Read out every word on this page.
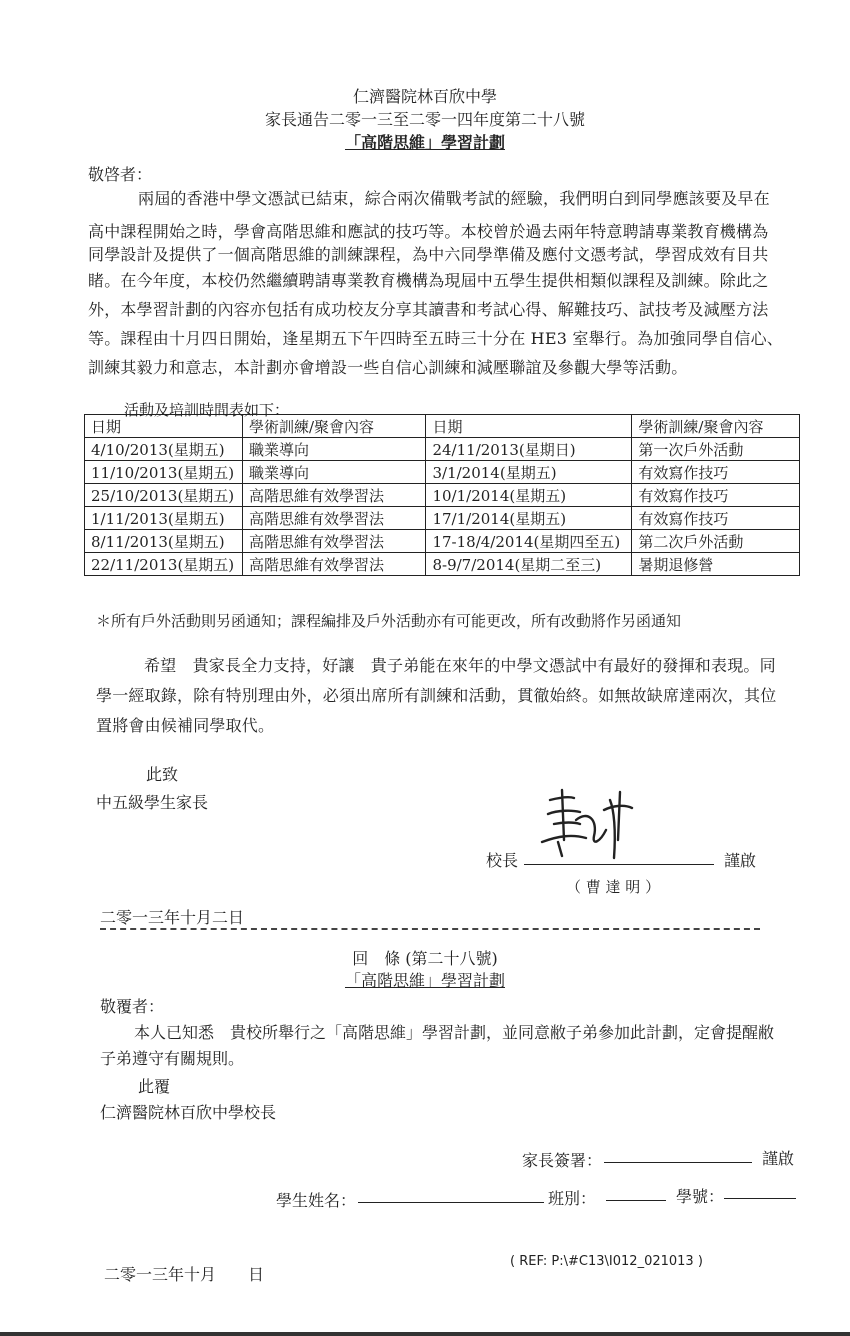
仁濟醫院林百欣中學
家長通告二零一三至二零一四年度第二十八號
「高階思維」學習計劃
敬啓者：
兩屆的香港中學文憑試已結束，綜合兩次備戰考試的經驗，我們明白到同學應該要及早在
高中課程開始之時，學會高階思維和應試的技巧等。本校曾於過去兩年特意聘請專業教育機構為
同學設計及提供了一個高階思維的訓練課程，為中六同學準備及應付文憑考試，學習成效有目共
睹。在今年度，本校仍然繼續聘請專業教育機構為現屆中五學生提供相類似課程及訓練。除此之
外，本學習計劃的內容亦包括有成功校友分享其讀書和考試心得、解難技巧、試技考及減壓方法
等。課程由十月四日開始，逢星期五下午四時至五時三十分在 HE3 室舉行。為加強同學自信心、
訓練其毅力和意志，本計劃亦會增設一些自信心訓練和減壓聯誼及參觀大學等活動。
活動及培訓時間表如下：
日期	學術訓練/聚會內容	日期	學術訓練/聚會內容
4/10/2013(星期五)	職業導向	24/11/2013(星期日)	第一次戶外活動
11/10/2013(星期五)	職業導向	3/1/2014(星期五)	有效寫作技巧
25/10/2013(星期五)	高階思維有效學習法	10/1/2014(星期五)	有效寫作技巧
1/11/2013(星期五)	高階思維有效學習法	17/1/2014(星期五)	有效寫作技巧
8/11/2013(星期五)	高階思維有效學習法	17-18/4/2014(星期四至五)	第二次戶外活動
22/11/2013(星期五)	高階思維有效學習法	8-9/7/2014(星期二至三)	暑期退修營
＊所有戶外活動則另函通知；課程編排及戶外活動亦有可能更改，所有改動將作另函通知
希望　貴家長全力支持，好讓　貴子弟能在來年的中學文憑試中有最好的發揮和表現。同
學一經取錄，除有特別理由外，必須出席所有訓練和活動，貫徹始終。如無故缺席達兩次，其位
置將會由候補同學取代。
此致
中五級學生家長
校長	謹啟
（ 曹 達 明 ）
二零一三年十月二日
回　條 (第二十八號)
「高階思維」學習計劃
敬覆者：
本人已知悉　貴校所舉行之「高階思維」學習計劃，並同意敝子弟參加此計劃，定會提醒敝
子弟遵守有關規則。
此覆
仁濟醫院林百欣中學校長
家長簽署：	謹啟
學生姓名：	班別：	學號：
二零一三年十月　　日
( REF: P:\#C13\I012_021013 )
